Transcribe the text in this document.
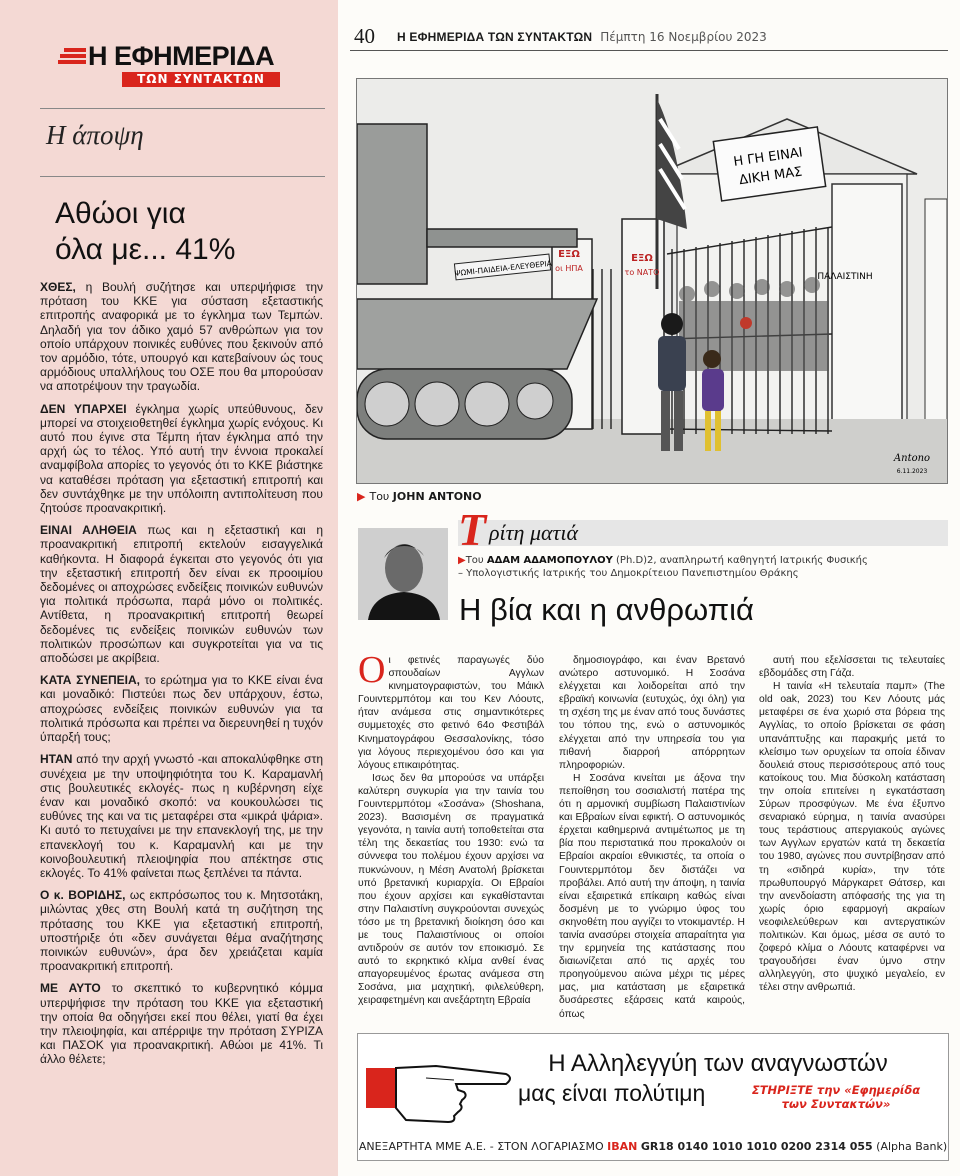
Η ΕΦΗΜΕΡΙΔΑ
ΤΩΝ ΣΥΝΤΑΚΤΩΝ
Η άποψη
Αθώοι για
όλα με... 41%

ΧΘΕΣ, η Βουλή συζήτησε και υπερψήφισε την πρόταση του ΚΚΕ για σύσταση εξεταστικής επιτροπής αναφορικά με το έγκλημα των Τεμπών. Δηλαδή για τον άδικο χαμό 57 ανθρώπων για τον οποίο υπάρχουν ποινικές ευθύνες που ξεκινούν από τον αρμόδιο, τότε, υπουργό και κατεβαίνουν ώς τους αρμόδιους υπαλλήλους του ΟΣΕ που θα μπορούσαν να αποτρέψουν την τραγωδία.

ΔΕΝ ΥΠΑΡΧΕΙ έγκλημα χωρίς υπεύθυνους, δεν μπορεί να στοιχειοθετηθεί έγκλημα χωρίς ενόχους. Κι αυτό που έγινε στα Τέμπη ήταν έγκλημα από την αρχή ώς το τέλος. Υπό αυτή την έννοια προκαλεί αναμφίβολα απορίες το γεγονός ότι το ΚΚΕ βιάστηκε να καταθέσει πρόταση για εξεταστική επιτροπή και δεν συντάχθηκε με την υπόλοιπη αντιπολίτευση που ζητούσε προανακριτική.

ΕΙΝΑΙ ΑΛΗΘΕΙΑ πως και η εξεταστική και η προανακριτική επιτροπή εκτελούν εισαγγελικά καθήκοντα. Η διαφορά έγκειται στο γεγονός ότι για την εξεταστική επιτροπή δεν είναι εκ προοιμίου δεδομένες οι αποχρώσες ενδείξεις ποινικών ευθυνών για πολιτικά πρόσωπα, παρά μόνο οι πολιτικές. Αντίθετα, η προανακριτική επιτροπή θεωρεί δεδομένες τις ενδείξεις ποινικών ευθυνών των πολιτικών προσώπων και συγκροτείται για να τις αποδώσει με ακρίβεια.

ΚΑΤΑ ΣΥΝΕΠΕΙΑ, το ερώτημα για το ΚΚΕ είναι ένα και μοναδικό: Πιστεύει πως δεν υπάρχουν, έστω, αποχρώσες ενδείξεις ποινικών ευθυνών για τα πολιτικά πρόσωπα και πρέπει να διερευνηθεί η τυχόν ύπαρξή τους;

ΗΤΑΝ από την αρχή γνωστό -και αποκαλύφθηκε στη συνέχεια με την υποψηφιότητα του Κ. Καραμανλή στις βουλευτικές εκλογές- πως η κυβέρνηση είχε έναν και μοναδικό σκοπό: να κουκουλώσει τις ευθύνες της και να τις μεταφέρει στα «μικρά ψάρια». Κι αυτό το πετυχαίνει με την επανεκλογή της, με την επανεκλογή του κ. Καραμανλή και με την κοινοβουλευτική πλειοψηφία που απέκτησε στις εκλογές. Το 41% φαίνεται πως ξεπλένει τα πάντα.

Ο κ. ΒΟΡΙΔΗΣ, ως εκπρόσωπος του κ. Μητσοτάκη, μιλώντας χθες στη Βουλή κατά τη συζήτηση της πρότασης του ΚΚΕ για εξεταστική επιτροπή, υποστήριξε ότι «δεν συνάγεται θέμα αναζήτησης ποινικών ευθυνών», άρα δεν χρειάζεται καμία προανακριτική επιτροπή.

ΜΕ ΑΥΤΟ το σκεπτικό το κυβερνητικό κόμμα υπερψήφισε την πρόταση του ΚΚΕ για εξεταστική την οποία θα οδηγήσει εκεί που θέλει, γιατί θα έχει την πλειοψηφία, και απέρριψε την πρόταση ΣΥΡΙΖΑ και ΠΑΣΟΚ για προανακριτική. Αθώοι με 41%. Τι άλλο θέλετε;

40 Η ΕΦΗΜΕΡΙΔΑ ΤΩΝ ΣΥΝΤΑΚΤΩΝ Πέμπτη 16 Νοεμβρίου 2023
Η ΓΗ ΕΙΝΑΙ
ΔΙΚΗ ΜΑΣ
ΨΩΜΙ-ΠΑΙΔΕΙΑ-ΕΛΕΥΘΕΡΙΑ
ΕΞΩ
οι ΗΠΑ
ΕΞΩ
το ΝΑΤΟ	ΠΑΛΑΙΣΤΙΝΗ
Antono
6.11.2023
▶ Του JOHN ANTONO
Τ ρίτη ματιά
▶Του ΑΔΑΜ ΑΔΑΜΟΠΟΥΛΟΥ (Ph.D)2, αναπληρωτή καθηγητή Ιατρικής Φυσικής
– Υπολογιστικής Ιατρικής του Δημοκρίτειου Πανεπιστημίου Θράκης
Η βία και η ανθρωπιά

Οι φετινές παραγωγές δύο σπουδαίων Αγγλων κινηματογραφιστών, του Μάικλ Γουιντερμπότομ και του Κεν Λόουτς, ήταν ανάμεσα στις σημαντικότερες συμμετοχές στο φετινό 64ο Φεστιβάλ Κινηματογράφου Θεσσαλονίκης, τόσο για λόγους περιεχομένου όσο και για λόγους επικαιρότητας.

Ισως δεν θα μπορούσε να υπάρξει καλύτερη συγκυρία για την ταινία του Γουιντερμπότομ «Σοσάνα» (Shoshana, 2023). Βασισμένη σε πραγματικά γεγονότα, η ταινία αυτή τοποθετείται στα τέλη της δεκαετίας του 1930: ενώ τα σύννεφα του πολέμου έχουν αρχίσει να πυκνώνουν, η Μέση Ανατολή βρίσκεται υπό βρετανική κυριαρχία. Οι Εβραίοι που έχουν αρχίσει και εγκαθίστανται στην Παλαιστίνη συγκρούονται συνεχώς τόσο με τη βρετανική διοίκηση όσο και με τους Παλαιστίνιους οι οποίοι αντιδρούν σε αυτόν τον εποικισμό. Σε αυτό το εκρηκτικό κλίμα ανθεί ένας απαγορευμένος έρωτας ανάμεσα στη Σοσάνα, μια μαχητική, φιλελεύθερη, χειραφετημένη και ανεξάρτητη Εβραία

δημοσιογράφο, και έναν Βρετανό ανώτερο αστυνομικό. Η Σοσάνα ελέγχεται και λοιδορείται από την εβραϊκή κοινωνία (ευτυχώς, όχι όλη) για τη σχέση της με έναν από τους δυνάστες του τόπου της, ενώ ο αστυνομικός ελέγχεται από την υπηρεσία του για πιθανή διαρροή απόρρητων πληροφοριών.

Η Σοσάνα κινείται με άξονα την πεποίθηση του σοσιαλιστή πατέρα της ότι η αρμονική συμβίωση Παλαιστινίων και Εβραίων είναι εφικτή. Ο αστυνομικός έρχεται καθημερινά αντιμέτωπος με τη βία που περιστατικά που προκαλούν οι Εβραίοι ακραίοι εθνικιστές, τα οποία ο Γουιντερμπότομ δεν διστάζει να προβάλει. Από αυτή την άποψη, η ταινία είναι εξαιρετικά επίκαιρη καθώς είναι δοσμένη με το γνώριμο ύφος του σκηνοθέτη που αγγίζει το ντοκιμαντέρ. Η ταινία ανασύρει στοιχεία απαραίτητα για την ερμηνεία της κατάστασης που διαιωνίζεται από τις αρχές του προηγούμενου αιώνα μέχρι τις μέρες μας, μια κατάσταση με εξαιρετικά δυσάρεστες εξάρσεις κατά καιρούς, όπως

αυτή που εξελίσσεται τις τελευταίες εβδομάδες στη Γάζα.

Η ταινία «Η τελευταία παμπ» (The old oak, 2023) του Κεν Λόουτς μάς μεταφέρει σε ένα χωριό στα βόρεια της Αγγλίας, το οποίο βρίσκεται σε φάση υπανάπτυξης και παρακμής μετά το κλείσιμο των ορυχείων τα οποία έδιναν δουλειά στους περισσότερους από τους κατοίκους του. Μια δύσκολη κατάσταση την οποία επιτείνει η εγκατάσταση Σύρων προσφύγων. Με ένα έξυπνο σεναριακό εύρημα, η ταινία ανασύρει τους τεράστιους απεργιακούς αγώνες των Αγγλων εργατών κατά τη δεκαετία του 1980, αγώνες που συντρίβησαν από τη «σιδηρά κυρία», την τότε πρωθυπουργό Μάργκαρετ Θάτσερ, και την ανενδοίαστη απόφασής της για τη χωρίς όριο εφαρμογή ακραίων νεοφιλελεύθερων και αντεργατικών πολιτικών. Και όμως, μέσα σε αυτό το ζοφερό κλίμα ο Λόουτς καταφέρνει να τραγουδήσει έναν ύμνο στην αλληλεγγύη, στο ψυχικό μεγαλείο, εν τέλει στην ανθρωπιά.

Η Αλληλεγγύη των αναγνωστών
μας είναι πολύτιμη	ΣΤΗΡΙΞΤΕ την «Εφημερίδα
των Συντακτών»
ΑΝΕΞΑΡΤΗΤΑ ΜΜΕ Α.Ε. - ΣΤΟΝ ΛΟΓΑΡΙΑΣΜΟ IBAN GR18 0140 1010 1010 0200 2314 055 (Alpha Bank)
